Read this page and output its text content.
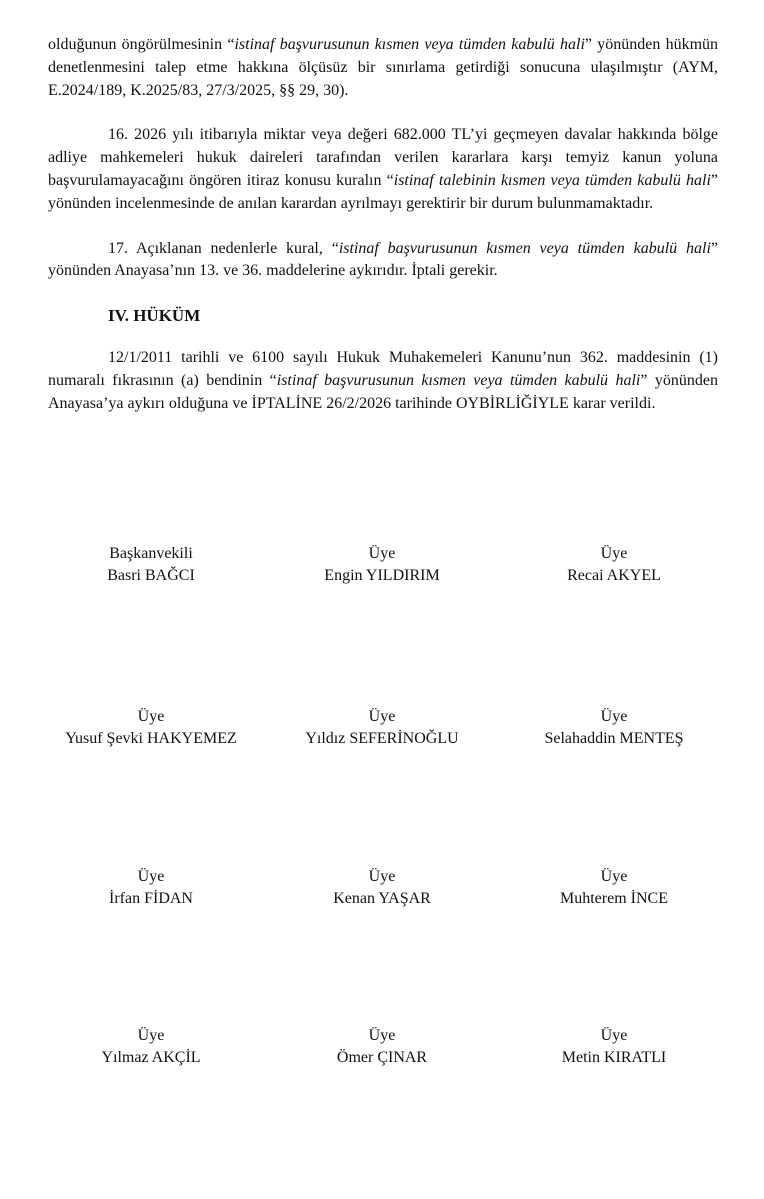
olduğunun öngörülmesinin “istinaf başvurusunun kısmen veya tümden kabulü hali” yönünden hükmün denetlenmesini talep etme hakkına ölçüsüz bir sınırlama getirdiği sonucuna ulaşılmıştır (AYM, E.2024/189, K.2025/83, 27/3/2025, §§ 29, 30).

16. 2026 yılı itibarıyla miktar veya değeri 682.000 TL’yi geçmeyen davalar hakkında bölge adliye mahkemeleri hukuk daireleri tarafından verilen kararlara karşı temyiz kanun yoluna başvurulamayacağını öngören itiraz konusu kuralın “istinaf talebinin kısmen veya tümden kabulü hali” yönünden incelenmesinde de anılan karardan ayrılmayı gerektirir bir durum bulunmamaktadır.

17. Açıklanan nedenlerle kural, “istinaf başvurusunun kısmen veya tümden kabulü hali” yönünden Anayasa’nın 13. ve 36. maddelerine aykırıdır. İptali gerekir.

IV. HÜKÜM

12/1/2011 tarihli ve 6100 sayılı Hukuk Muhakemeleri Kanunu’nun 362. maddesinin (1) numaralı fıkrasının (a) bendinin “istinaf başvurusunun kısmen veya tümden kabulü hali” yönünden Anayasa’ya aykırı olduğuna ve İPTALİNE 26/2/2026 tarihinde OYBİRLİĞİYLE karar verildi.

Başkanvekili
Basri BAĞCI
Üye
Engin YILDIRIM
Üye
Recai AKYEL
Üye
Yusuf Şevki HAKYEMEZ
Üye
Yıldız SEFERİNOĞLU
Üye
Selahaddin MENTEŞ
Üye
İrfan FİDAN
Üye
Kenan YAŞAR
Üye
Muhterem İNCE
Üye
Yılmaz AKÇİL
Üye
Ömer ÇINAR
Üye
Metin KIRATLI
